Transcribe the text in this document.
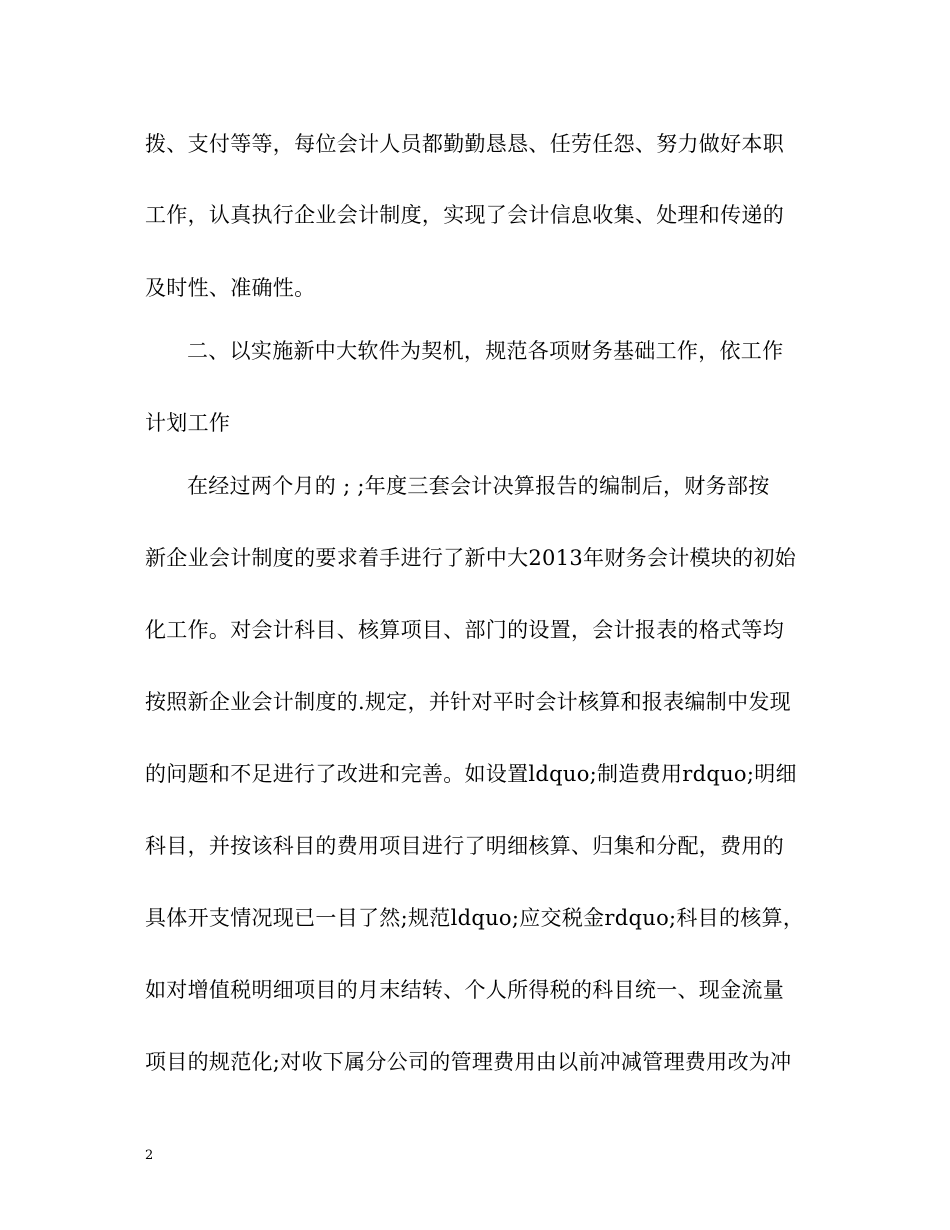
拨、支付等等，每位会计人员都勤勤恳恳、任劳任怨、努力做好本职
工作，认真执行企业会计制度，实现了会计信息收集、处理和传递的
及时性、准确性。
二、以实施新中大软件为契机，规范各项财务基础工作，依工作
计划工作
在经过两个月的 ; ;年度三套会计决算报告的编制后，财务部按
新企业会计制度的要求着手进行了新中大2013年财务会计模块的初始
化工作。对会计科目、核算项目、部门的设置，会计报表的格式等均
按照新企业会计制度的.规定，并针对平时会计核算和报表编制中发现
的问题和不足进行了改进和完善。如设置ldquo;制造费用rdquo;明细
科目，并按该科目的费用项目进行了明细核算、归集和分配，费用的
具体开支情况现已一目了然;规范ldquo;应交税金rdquo;科目的核算，
如对增值税明细项目的月末结转、个人所得税的科目统一、现金流量
项目的规范化;对收下属分公司的管理费用由以前冲减管理费用改为冲
2
